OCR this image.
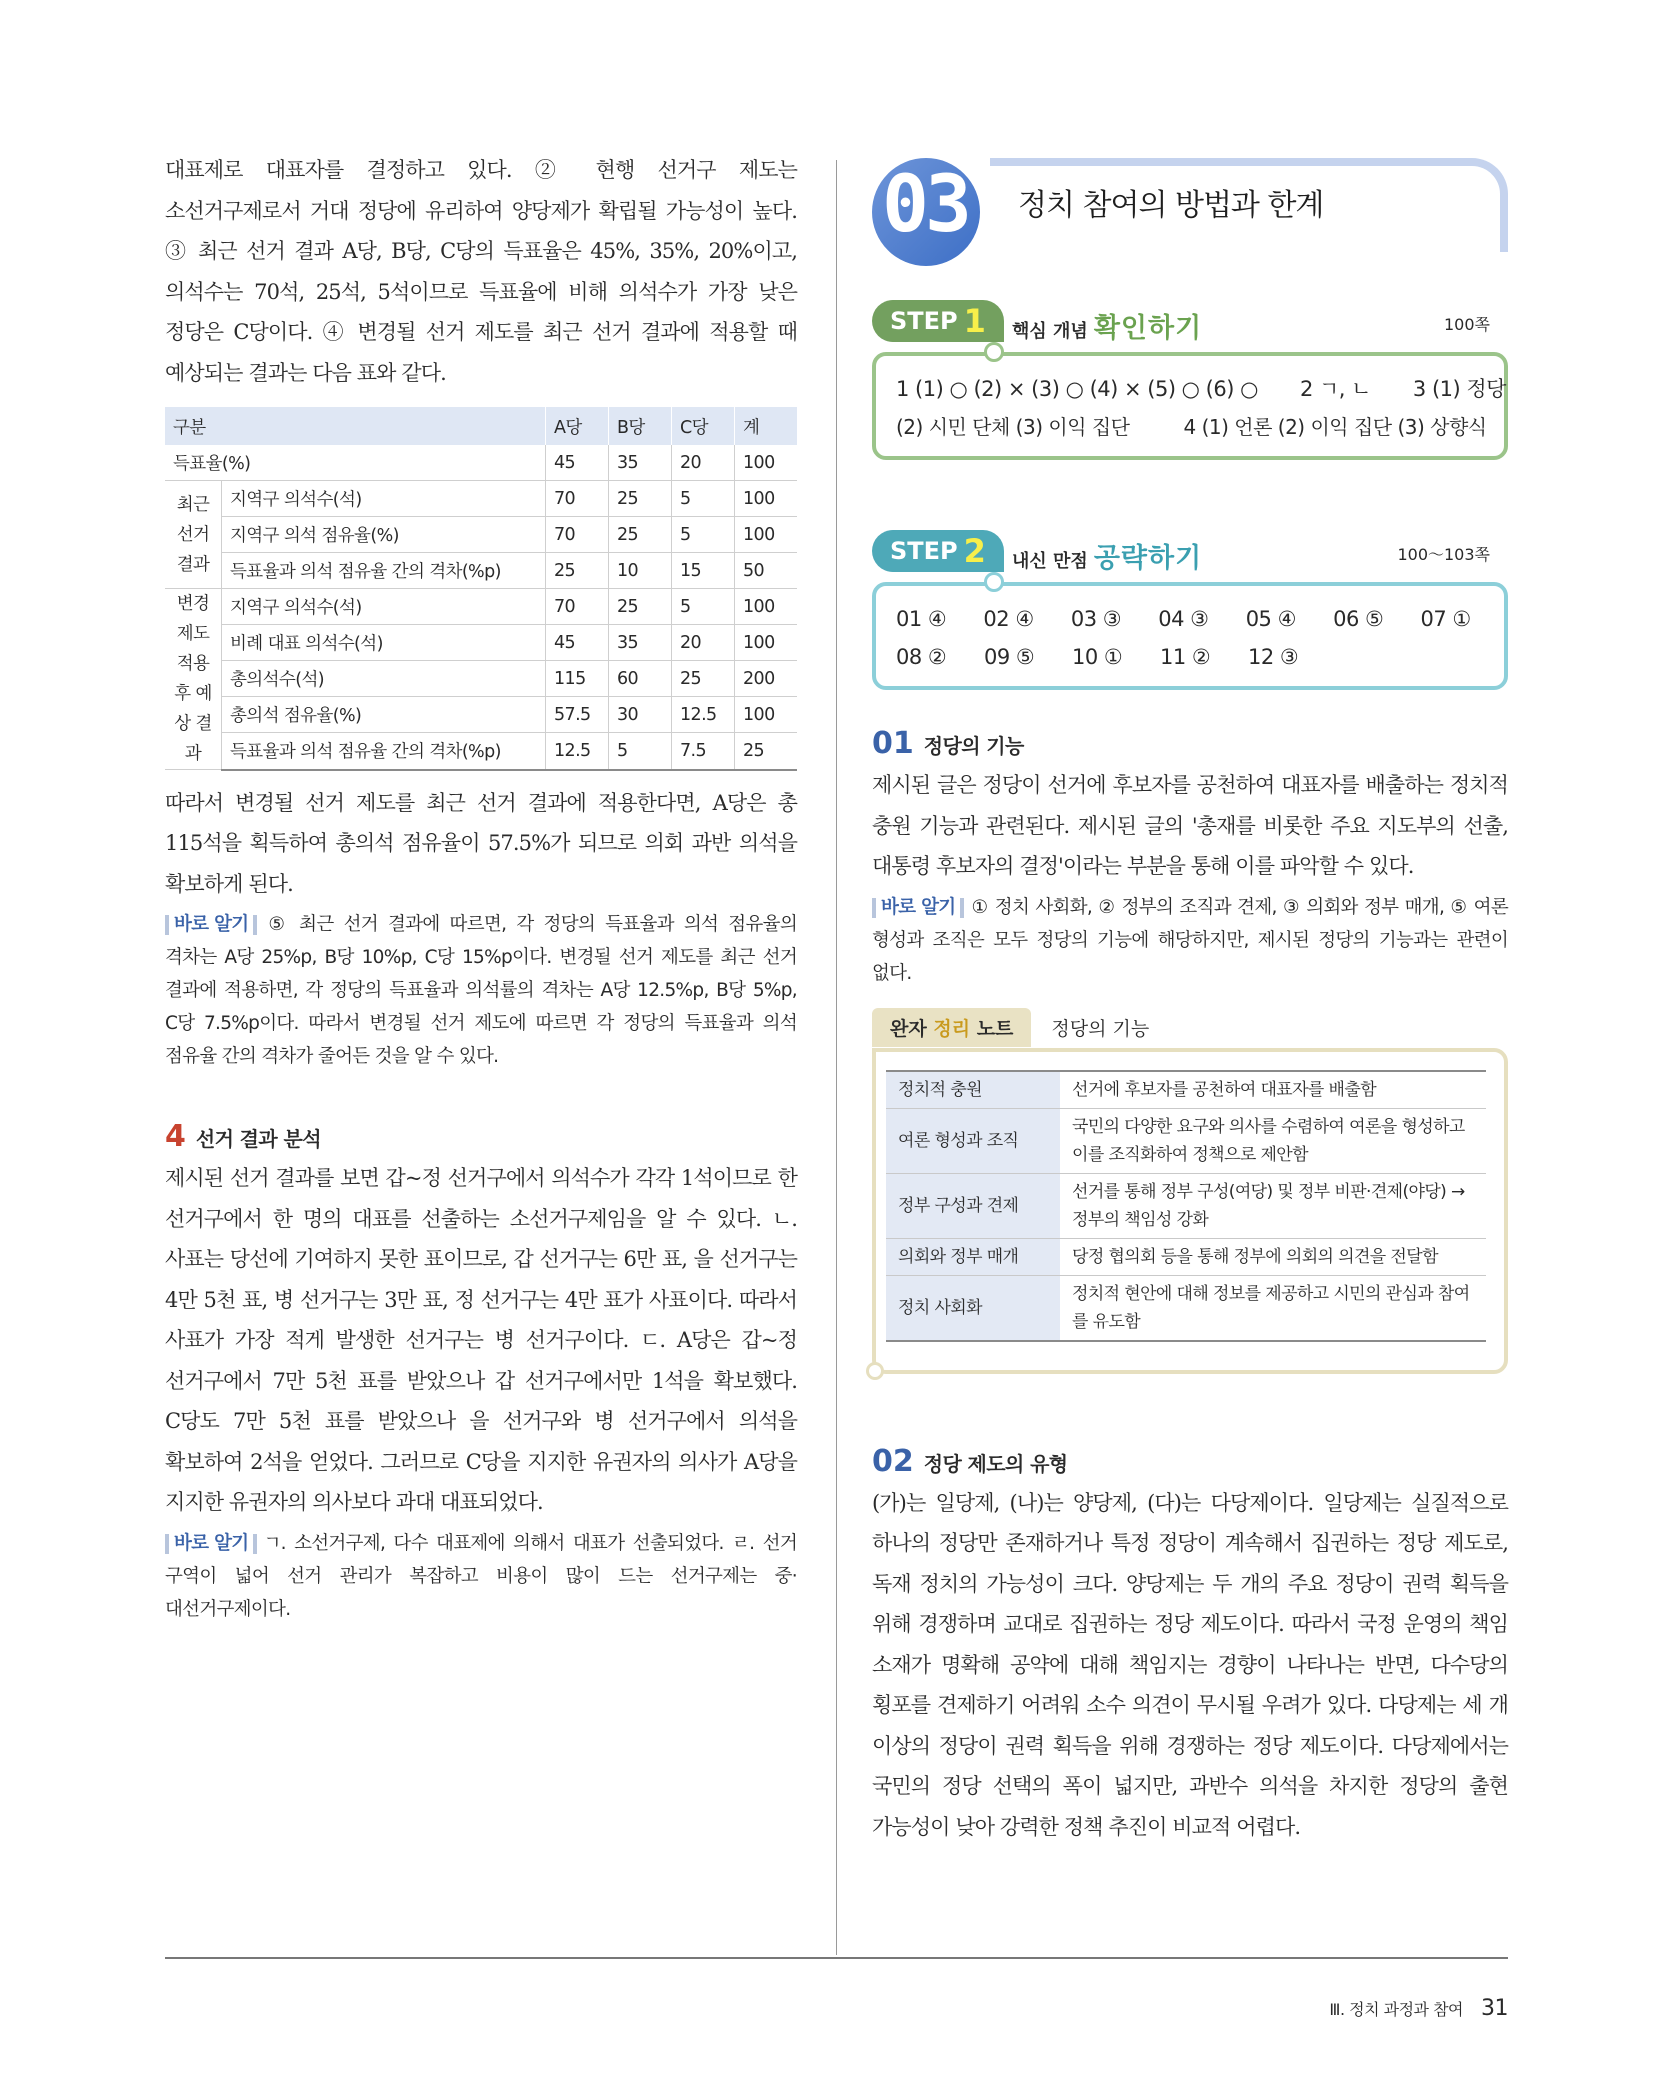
대표제로 대표자를 결정하고 있다. ② 현행 선거구 제도는 소선거구제로서 거대 정당에 유리하여 양당제가 확립될 가능성이 높다. ③ 최근 선거 결과 A당, B당, C당의 득표율은 45%, 35%, 20%이고, 의석수는 70석, 25석, 5석이므로 득표율에 비해 의석수가 가장 낮은 정당은 C당이다. ④ 변경될 선거 제도를 최근 선거 결과에 적용할 때 예상되는 결과는 다음 표와 같다.

구분		A당	B당	C당	계
득표율(%)		45	35	20	100
최근 선거 결과	지역구 의석수(석)	70	25	5	100
	지역구 의석 점유율(%)	70	25	5	100
	득표율과 의석 점유율 간의 격차(%p)	25	10	15	50
변경 제도 적용 후 예상 결과	지역구 의석수(석)	70	25	5	100
	비례 대표 의석수(석)	45	35	20	100
	총의석수(석)	115	60	25	200
	총의석 점유율(%)	57.5	30	12.5	100
	득표율과 의석 점유율 간의 격차(%p)	12.5	5	7.5	25

따라서 변경될 선거 제도를 최근 선거 결과에 적용한다면, A당은 총 115석을 획득하여 총의석 점유율이 57.5%가 되므로 의회 과반 의석을 확보하게 된다.

바로 알기 ⑤ 최근 선거 결과에 따르면, 각 정당의 득표율과 의석 점유율의 격차는 A당 25%p, B당 10%p, C당 15%p이다. 변경될 선거 제도를 최근 선거 결과에 적용하면, 각 정당의 득표율과 의석률의 격차는 A당 12.5%p, B당 5%p, C당 7.5%p이다. 따라서 변경될 선거 제도에 따르면 각 정당의 득표율과 의석 점유율 간의 격차가 줄어든 것을 알 수 있다.

4 선거 결과 분석

제시된 선거 결과를 보면 갑~정 선거구에서 의석수가 각각 1석이므로 한 선거구에서 한 명의 대표를 선출하는 소선거구제임을 알 수 있다. ㄴ. 사표는 당선에 기여하지 못한 표이므로, 갑 선거구는 6만 표, 을 선거구는 4만 5천 표, 병 선거구는 3만 표, 정 선거구는 4만 표가 사표이다. 따라서 사표가 가장 적게 발생한 선거구는 병 선거구이다. ㄷ. A당은 갑~정 선거구에서 7만 5천 표를 받았으나 갑 선거구에서만 1석을 확보했다. C당도 7만 5천 표를 받았으나 을 선거구와 병 선거구에서 의석을 확보하여 2석을 얻었다. 그러므로 C당을 지지한 유권자의 의사가 A당을 지지한 유권자의 의사보다 과대 대표되었다.

바로 알기 ㄱ. 소선거구제, 다수 대표제에 의해서 대표가 선출되었다. ㄹ. 선거 구역이 넓어 선거 관리가 복잡하고 비용이 많이 드는 선거구제는 중·대선거구제이다.

03 정치 참여의 방법과 한계
STEP 1 핵심 개념 확인하기	100쪽
1 (1) ○ (2) × (3) ○ (4) × (5) ○ (6) ○ 2 ㄱ, ㄴ 3 (1) 정당
(2) 시민 단체 (3) 이익 집단	4 (1) 언론 (2) 이익 집단 (3) 상향식
STEP 2 내신 만점 공략하기	100～103쪽
01 ④	02 ④	03 ③	04 ③	05 ④	06 ⑤	07 ①
08 ②	09 ⑤	10 ①	11 ②	12 ③
01 정당의 기능

제시된 글은 정당이 선거에 후보자를 공천하여 대표자를 배출하는 정치적 충원 기능과 관련된다. 제시된 글의 '총재를 비롯한 주요 지도부의 선출, 대통령 후보자의 결정'이라는 부분을 통해 이를 파악할 수 있다.

바로 알기 ① 정치 사회화, ② 정부의 조직과 견제, ③ 의회와 정부 매개, ⑤ 여론 형성과 조직은 모두 정당의 기능에 해당하지만, 제시된 정당의 기능과는 관련이 없다.

완자 정리 노트	정당의 기능
정치적 충원	선거에 후보자를 공천하여 대표자를 배출함
여론 형성과 조직	국민의 다양한 요구와 의사를 수렴하여 여론을 형성하고 이를 조직화하여 정책으로 제안함
정부 구성과 견제	선거를 통해 정부 구성(여당) 및 정부 비판·견제(야당) → 정부의 책임성 강화
의회와 정부 매개	당정 협의회 등을 통해 정부에 의회의 의견을 전달함
정치 사회화	정치적 현안에 대해 정보를 제공하고 시민의 관심과 참여를 유도함
02 정당 제도의 유형

(가)는 일당제, (나)는 양당제, (다)는 다당제이다. 일당제는 실질적으로 하나의 정당만 존재하거나 특정 정당이 계속해서 집권하는 정당 제도로, 독재 정치의 가능성이 크다. 양당제는 두 개의 주요 정당이 권력 획득을 위해 경쟁하며 교대로 집권하는 정당 제도이다. 따라서 국정 운영의 책임 소재가 명확해 공약에 대해 책임지는 경향이 나타나는 반면, 다수당의 횡포를 견제하기 어려워 소수 의견이 무시될 우려가 있다. 다당제는 세 개 이상의 정당이 권력 획득을 위해 경쟁하는 정당 제도이다. 다당제에서는 국민의 정당 선택의 폭이 넓지만, 과반수 의석을 차지한 정당의 출현 가능성이 낮아 강력한 정책 추진이 비교적 어렵다.

Ⅲ. 정치 과정과 참여 31
